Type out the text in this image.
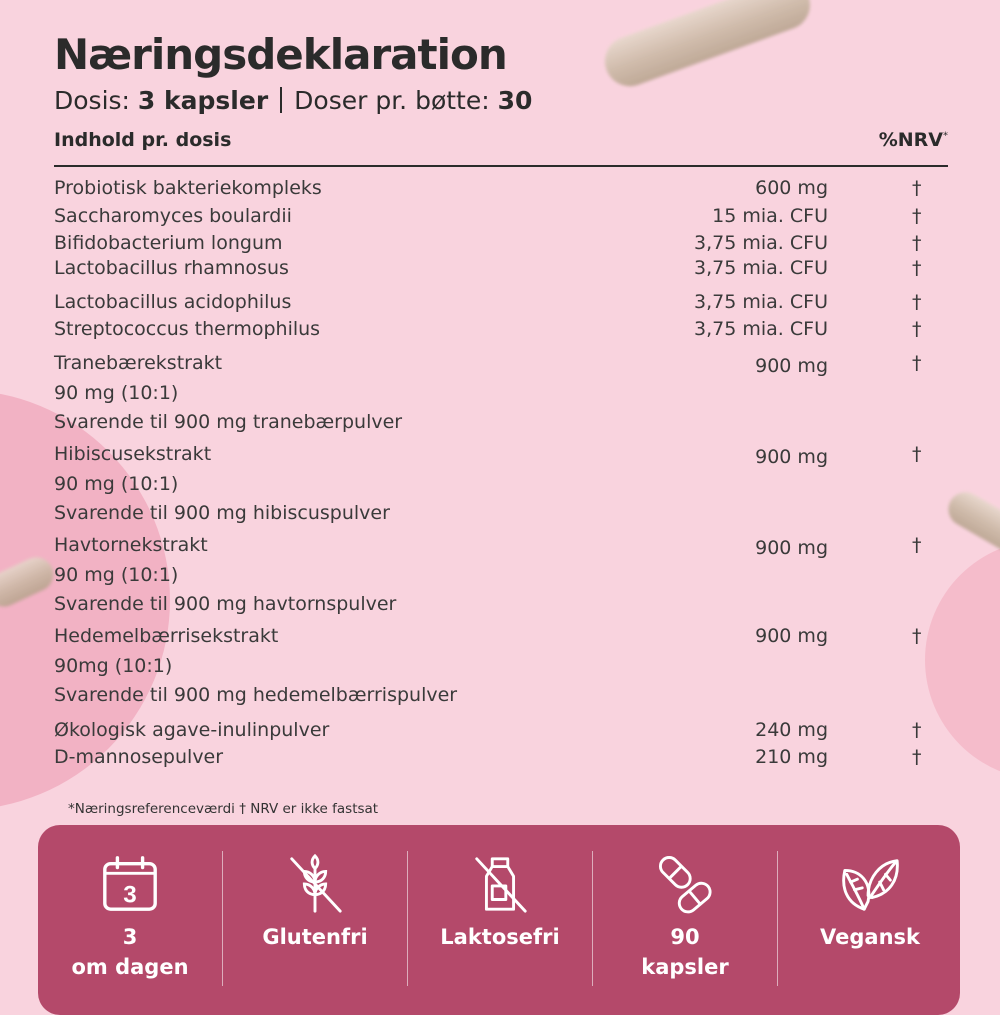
Næringsdeklaration
Dosis: 3 kapsler Doser pr. bøtte: 30
Indhold pr. dosis	%NRV*
Probiotisk bakteriekompleks	600 mg	†
Saccharomyces boulardii	15 mia. CFU	†
Bifidobacterium longum	3,75 mia. CFU	†
Lactobacillus rhamnosus	3,75 mia. CFU	†
Lactobacillus acidophilus	3,75 mia. CFU	†
Streptococcus thermophilus	3,75 mia. CFU	†
Tranebærekstrakt	900 mg	†
90 mg (10:1)
Svarende til 900 mg tranebærpulver
Hibiscusekstrakt	900 mg	†
90 mg (10:1)
Svarende til 900 mg hibiscuspulver
Havtornekstrakt	900 mg	†
90 mg (10:1)
Svarende til 900 mg havtornspulver
Hedemelbærrisekstrakt	900 mg	†
90mg (10:1)
Svarende til 900 mg hedemelbærrispulver
Økologisk agave-inulinpulver	240 mg	†
D-mannosepulver	210 mg	†
*Næringsreferenceværdi † NRV er ikke fastsat
3
3
om dagen
Glutenfri	Laktosefri	90
kapsler
Vegansk
